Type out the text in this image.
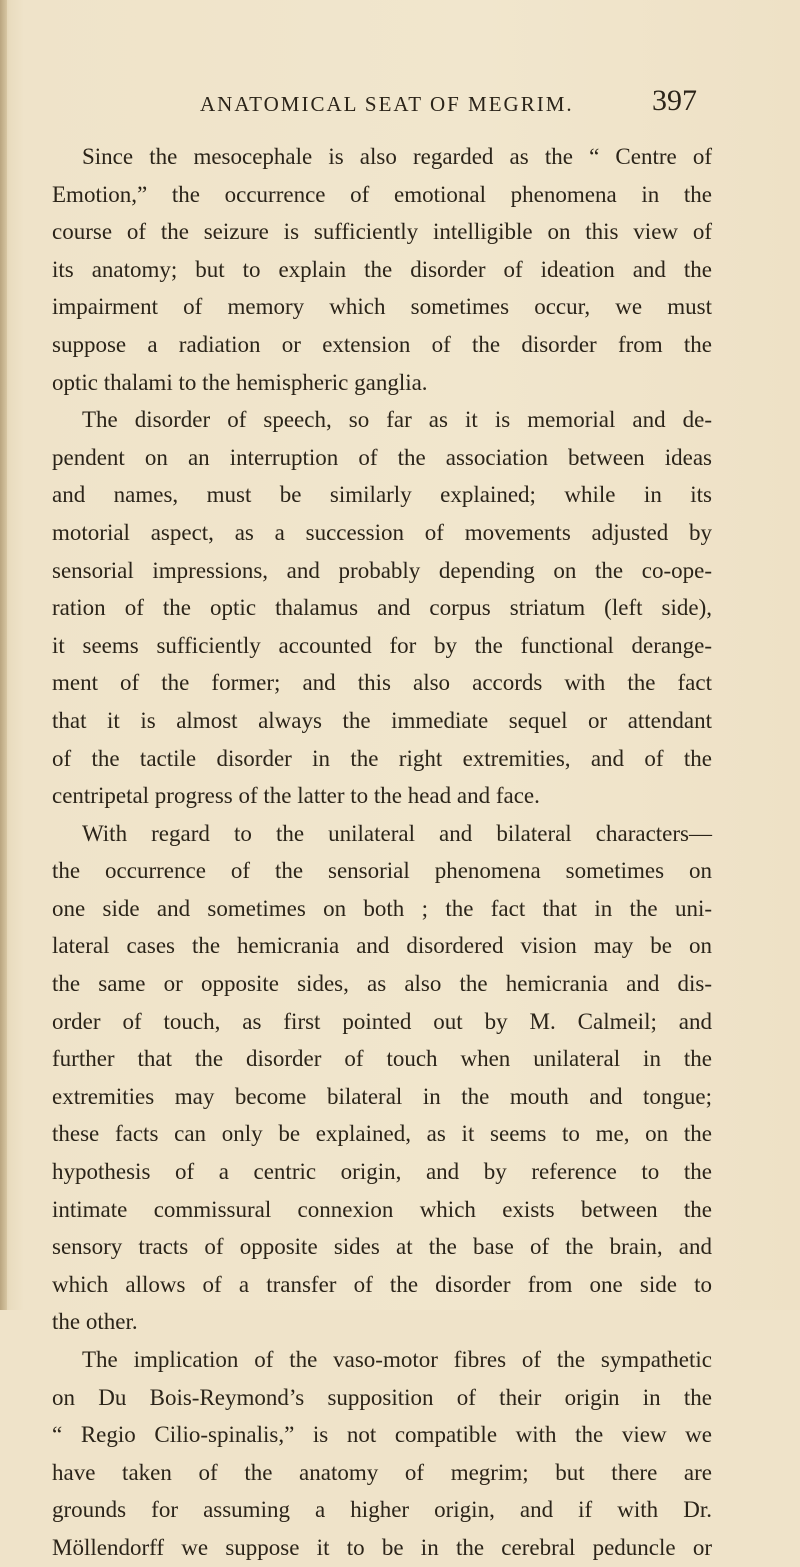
ANATOMICAL SEAT OF MEGRIM.	397
Since the mesocephale is also regarded as the “ Centre of
Emotion,” the occurrence of emotional phenomena in the
course of the seizure is sufficiently intelligible on this view of
its anatomy; but to explain the disorder of ideation and the
impairment of memory which sometimes occur, we must
suppose a radiation or extension of the disorder from the
optic thalami to the hemispheric ganglia.
The disorder of speech, so far as it is memorial and de-
pendent on an interruption of the association between ideas
and names, must be similarly explained; while in its
motorial aspect, as a succession of movements adjusted by
sensorial impressions, and probably depending on the co-ope-
ration of the optic thalamus and corpus striatum (left side),
it seems sufficiently accounted for by the functional derange-
ment of the former; and this also accords with the fact
that it is almost always the immediate sequel or attendant
of the tactile disorder in the right extremities, and of the
centripetal progress of the latter to the head and face.
With regard to the unilateral and bilateral characters—
the occurrence of the sensorial phenomena sometimes on
one side and sometimes on both ; the fact that in the uni-
lateral cases the hemicrania and disordered vision may be on
the same or opposite sides, as also the hemicrania and dis-
order of touch, as first pointed out by M. Calmeil; and
further that the disorder of touch when unilateral in the
extremities may become bilateral in the mouth and tongue;
these facts can only be explained, as it seems to me, on the
hypothesis of a centric origin, and by reference to the
intimate commissural connexion which exists between the
sensory tracts of opposite sides at the base of the brain, and
which allows of a transfer of the disorder from one side to
the other.
The implication of the vaso-motor fibres of the sympathetic
on Du Bois-Reymond’s supposition of their origin in the
“ Regio Cilio-spinalis,” is not compatible with the view we
have taken of the anatomy of megrim; but there are
grounds for assuming a higher origin, and if with Dr.
Möllendorff we suppose it to be in the cerebral peduncle or
